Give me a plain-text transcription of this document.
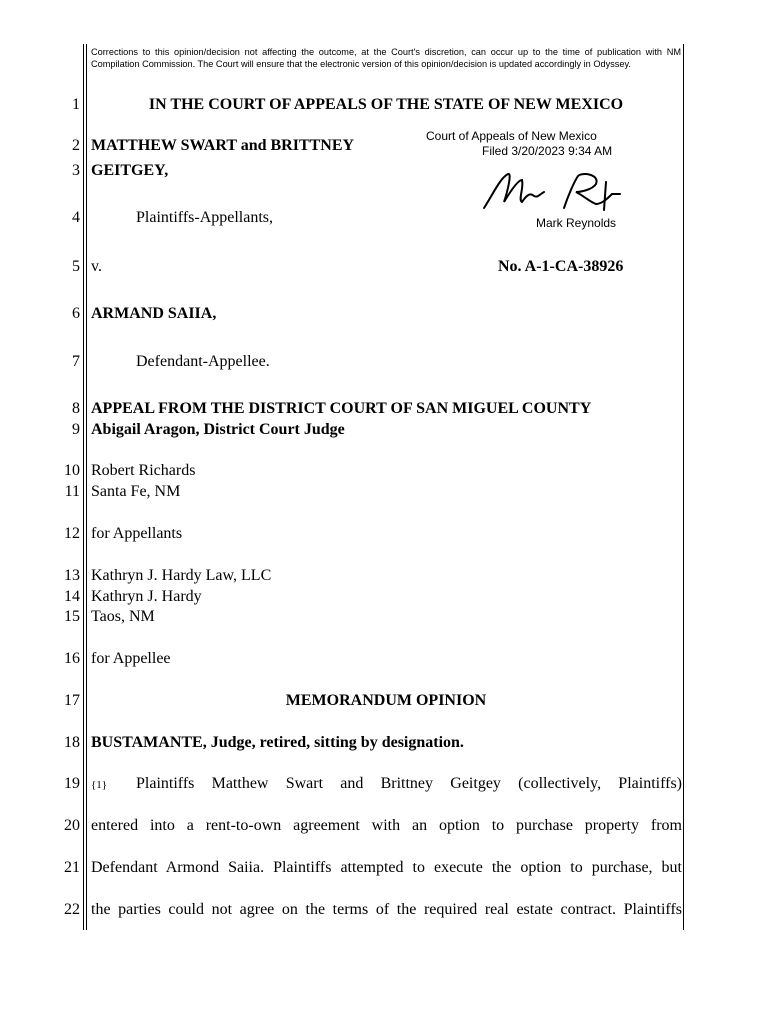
Corrections to this opinion/decision not affecting the outcome, at the Court's discretion, can occur up to the time of publication with NM Compilation Commission. The Court will ensure that the electronic version of this opinion/decision is updated accordingly in Odyssey.
1	IN THE COURT OF APPEALS OF THE STATE OF NEW MEXICO
Court of Appeals of New Mexico
Filed 3/20/2023 9:34 AM
Mark Reynolds
2 MATTHEW SWART and BRITTNEY
3 GEITGEY,
4	Plaintiffs-Appellants,
5 v.	No. A-1-CA-38926
6 ARMAND SAIIA,
7	Defendant-Appellee.
8 APPEAL FROM THE DISTRICT COURT OF SAN MIGUEL COUNTY
9 Abigail Aragon, District Court Judge
10 Robert Richards
11 Santa Fe, NM
12 for Appellants
13 Kathryn J. Hardy Law, LLC
14 Kathryn J. Hardy
15 Taos, NM
16 for Appellee
17	MEMORANDUM OPINION
18 BUSTAMANTE, Judge, retired, sitting by designation.
19 {1} Plaintiffs Matthew Swart and Brittney Geitgey (collectively, Plaintiffs)
20 entered into a rent-to-own agreement with an option to purchase property from
21 Defendant Armond Saiia. Plaintiffs attempted to execute the option to purchase, but
22 the parties could not agree on the terms of the required real estate contract. Plaintiffs
